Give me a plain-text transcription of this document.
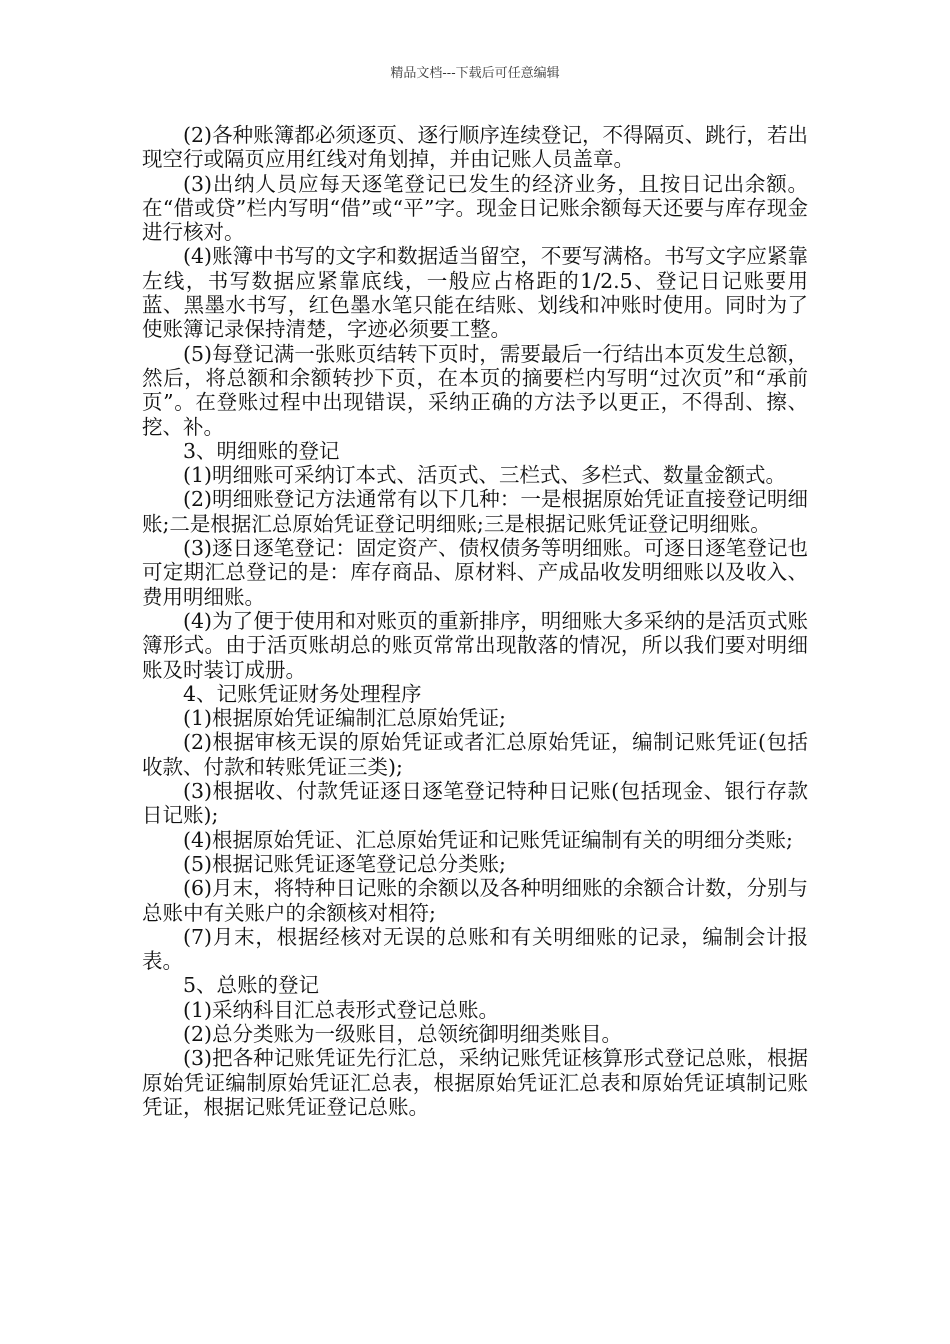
精品文档---下载后可任意编辑

(2)各种账簿都必须逐页、逐行顺序连续登记，不得隔页、跳行，若出现空行或隔页应用红线对角划掉，并由记账人员盖章。

(3)出纳人员应每天逐笔登记已发生的经济业务，且按日记出余额。在“借或贷”栏内写明“借”或“平”字。现金日记账余额每天还要与库存现金进行核对。

(4)账簿中书写的文字和数据适当留空，不要写满格。书写文字应紧靠左线，书写数据应紧靠底线，一般应占格距的1/2.5、登记日记账要用蓝、黑墨水书写，红色墨水笔只能在结账、划线和冲账时使用。同时为了使账簿记录保持清楚，字迹必须要工整。

(5)每登记满一张账页结转下页时，需要最后一行结出本页发生总额，然后，将总额和余额转抄下页，在本页的摘要栏内写明“过次页”和“承前页”。在登账过程中出现错误，采纳正确的方法予以更正，不得刮、擦、挖、补。

3、明细账的登记

(1)明细账可采纳订本式、活页式、三栏式、多栏式、数量金额式。

(2)明细账登记方法通常有以下几种：一是根据原始凭证直接登记明细账;二是根据汇总原始凭证登记明细账;三是根据记账凭证登记明细账。

(3)逐日逐笔登记：固定资产、债权债务等明细账。可逐日逐笔登记也可定期汇总登记的是：库存商品、原材料、产成品收发明细账以及收入、费用明细账。

(4)为了便于使用和对账页的重新排序，明细账大多采纳的是活页式账簿形式。由于活页账胡总的账页常常出现散落的情况，所以我们要对明细账及时装订成册。

4、记账凭证财务处理程序

(1)根据原始凭证编制汇总原始凭证;

(2)根据审核无误的原始凭证或者汇总原始凭证，编制记账凭证(包括收款、付款和转账凭证三类);

(3)根据收、付款凭证逐日逐笔登记特种日记账(包括现金、银行存款日记账);

(4)根据原始凭证、汇总原始凭证和记账凭证编制有关的明细分类账;

(5)根据记账凭证逐笔登记总分类账;

(6)月末，将特种日记账的余额以及各种明细账的余额合计数，分别与总账中有关账户的余额核对相符;

(7)月末，根据经核对无误的总账和有关明细账的记录，编制会计报表。

5、总账的登记

(1)采纳科目汇总表形式登记总账。

(2)总分类账为一级账目，总领统御明细类账目。

(3)把各种记账凭证先行汇总，采纳记账凭证核算形式登记总账，根据原始凭证编制原始凭证汇总表，根据原始凭证汇总表和原始凭证填制记账凭证，根据记账凭证登记总账。
